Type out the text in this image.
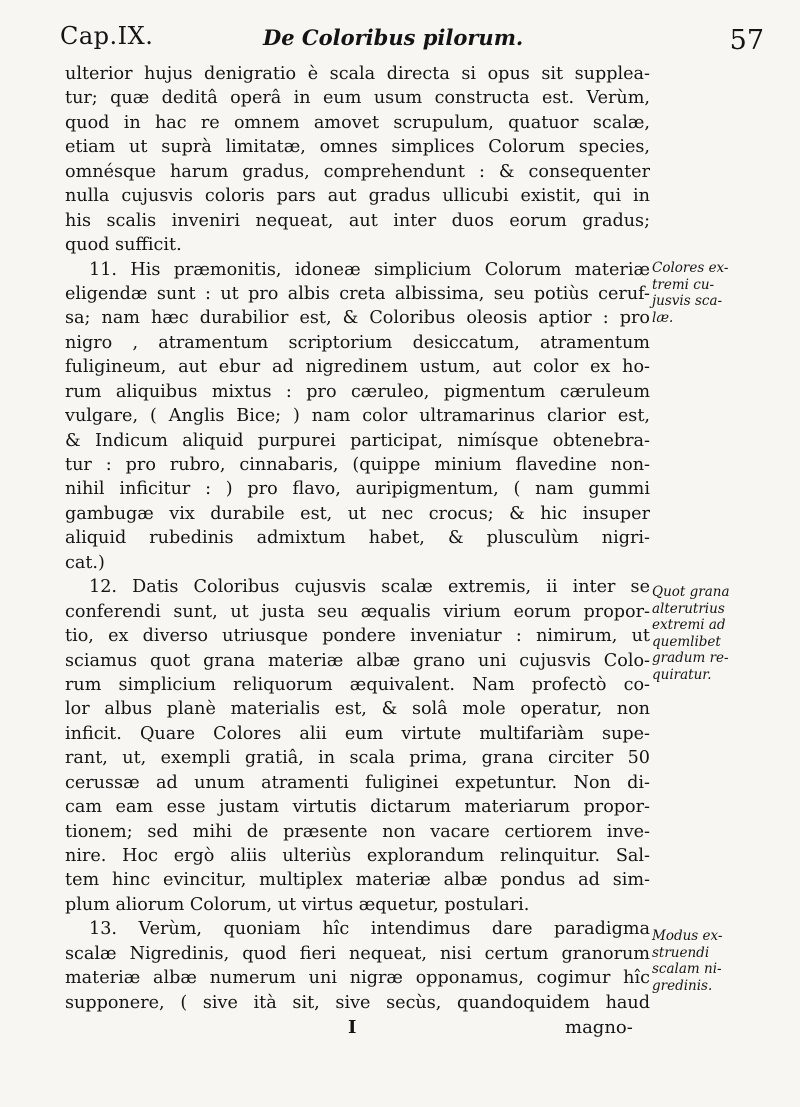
Cap.IX.	De Coloribus pilorum.	57
ulterior hujus denigratio è scala directa si opus sit supplea-
tur; quæ deditâ operâ in eum usum constructa est. Verùm,
quod in hac re omnem amovet scrupulum, quatuor scalæ,
etiam ut suprà limitatæ, omnes simplices Colorum species,
omnésque harum gradus, comprehendunt : & consequenter
nulla cujusvis coloris pars aut gradus ullicubi existit, qui in
his scalis inveniri nequeat, aut inter duos eorum gradus;
quod sufficit.
11. His præmonitis, idoneæ simplicium Colorum materiæ
eligendæ sunt : ut pro albis creta albissima, seu potiùs ceruf-
sa; nam hæc durabilior est, & Coloribus oleosis aptior : pro
nigro , atramentum scriptorium desiccatum, atramentum
fuligineum, aut ebur ad nigredinem ustum, aut color ex ho-
rum aliquibus mixtus : pro cæruleo, pigmentum cæruleum
vulgare, ( Anglis Bice; ) nam color ultramarinus clarior est,
& Indicum aliquid purpurei participat, nimísque obtenebra-
tur : pro rubro, cinnabaris, (quippe minium flavedine non-
nihil inficitur : ) pro flavo, auripigmentum, ( nam gummi
gambugæ vix durabile est, ut nec crocus; & hic insuper
aliquid rubedinis admixtum habet, & plusculùm nigri-
cat.)
12. Datis Coloribus cujusvis scalæ extremis, ii inter se
conferendi sunt, ut justa seu æqualis virium eorum propor-
tio, ex diverso utriusque pondere inveniatur : nimirum, ut
sciamus quot grana materiæ albæ grano uni cujusvis Colo-
rum simplicium reliquorum æquivalent. Nam profectò co-
lor albus planè materialis est, & solâ mole operatur, non
inficit. Quare Colores alii eum virtute multifariàm supe-
rant, ut, exempli gratiâ, in scala prima, grana circiter 50
cerussæ ad unum atramenti fuliginei expetuntur. Non di-
cam eam esse justam virtutis dictarum materiarum propor-
tionem; sed mihi de præsente non vacare certiorem inve-
nire. Hoc ergò aliis ulteriùs explorandum relinquitur. Sal-
tem hinc evincitur, multiplex materiæ albæ pondus ad sim-
plum aliorum Colorum, ut virtus æquetur, postulari.
13. Verùm, quoniam hîc intendimus dare paradigma
scalæ Nigredinis, quod fieri nequeat, nisi certum granorum
materiæ albæ numerum uni nigræ opponamus, cogimur hîc
supponere, ( sive ità sit, sive secùs, quandoquidem haud
Colores ex-
tremi cu-
jusvis sca-
læ.
Quot grana
alterutrius
extremi ad
quemlibet
gradum re-
quiratur.
Modus ex-
struendi
scalam ni-
gredinis.
I	magno-
